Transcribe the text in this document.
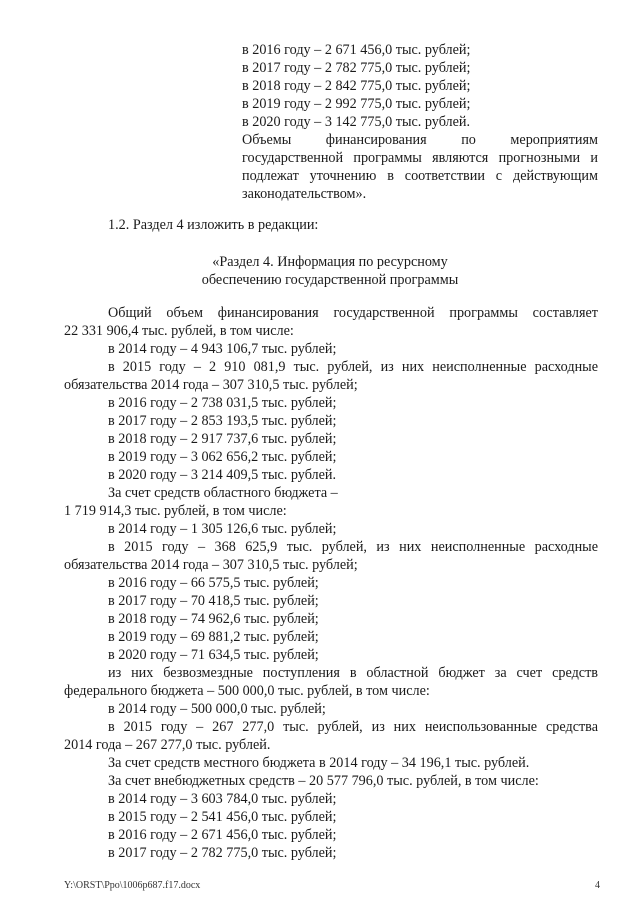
в 2016 году – 2 671 456,0 тыс. рублей;
в 2017 году – 2 782 775,0 тыс. рублей;
в 2018 году – 2 842 775,0 тыс. рублей;
в 2019 году – 2 992 775,0 тыс. рублей;
в 2020 году – 3 142 775,0 тыс. рублей.
Объемы финансирования по мероприятиям
государственной программы являются прогнозными и
подлежат уточнению в соответствии с действующим
законодательством».
1.2. Раздел 4 изложить в редакции:
«Раздел 4. Информация по ресурсному
обеспечению государственной программы
Общий объем финансирования государственной программы составляет
22 331 906,4 тыс. рублей, в том числе:
в 2014 году – 4 943 106,7 тыс. рублей;
в 2015 году – 2 910 081,9 тыс. рублей, из них неисполненные расходные
обязательства 2014 года – 307 310,5 тыс. рублей;
в 2016 году – 2 738 031,5 тыс. рублей;
в 2017 году – 2 853 193,5 тыс. рублей;
в 2018 году – 2 917 737,6 тыс. рублей;
в 2019 году – 3 062 656,2 тыс. рублей;
в 2020 году – 3 214 409,5 тыс. рублей.
За счет средств областного бюджета –
1 719 914,3 тыс. рублей, в том числе:
в 2014 году – 1 305 126,6 тыс. рублей;
в 2015 году – 368 625,9 тыс. рублей, из них неисполненные расходные
обязательства 2014 года – 307 310,5 тыс. рублей;
в 2016 году – 66 575,5 тыс. рублей;
в 2017 году – 70 418,5 тыс. рублей;
в 2018 году – 74 962,6 тыс. рублей;
в 2019 году – 69 881,2 тыс. рублей;
в 2020 году – 71 634,5 тыс. рублей;
из них безвозмездные поступления в областной бюджет за счет средств
федерального бюджета – 500 000,0 тыс. рублей, в том числе:
в 2014 году – 500 000,0 тыс. рублей;
в 2015 году – 267 277,0 тыс. рублей, из них неиспользованные средства
2014 года – 267 277,0 тыс. рублей.
За счет средств местного бюджета в 2014 году – 34 196,1 тыс. рублей.
За счет внебюджетных средств – 20 577 796,0 тыс. рублей, в том числе:
в 2014 году – 3 603 784,0 тыс. рублей;
в 2015 году – 2 541 456,0 тыс. рублей;
в 2016 году – 2 671 456,0 тыс. рублей;
в 2017 году – 2 782 775,0 тыс. рублей;
Y:\ORST\Ppo\1006p687.f17.docx	4
